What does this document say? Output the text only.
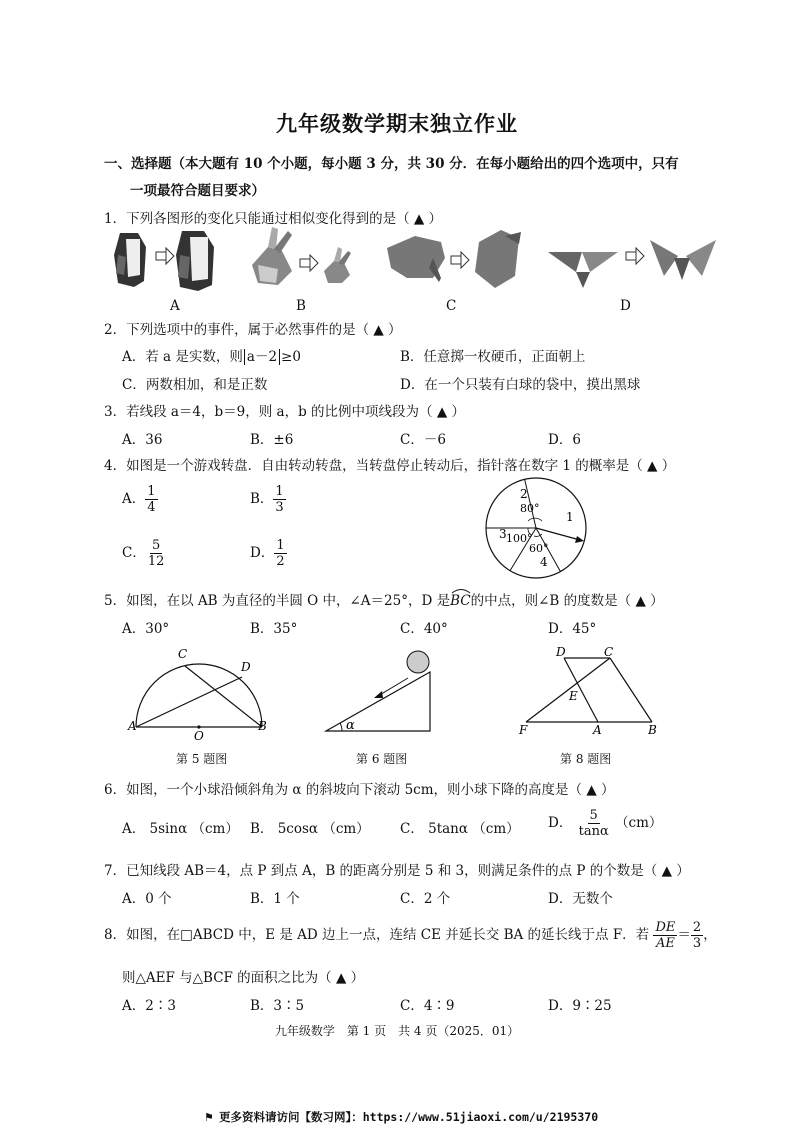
九年级数学期末独立作业
一、选择题（本大题有 10 个小题，每小题 3 分，共 30 分．在每小题给出的四个选项中，只有
一项最符合题目要求）
1．下列各图形的变化只能通过相似变化得到的是（ ▲ ）
A	B	C	D
2．下列选项中的事件，属于必然事件的是（ ▲ ）
A．若 a 是实数，则 a－2 ≥0	B．任意掷一枚硬币，正面朝上
C．两数相加，和是正数	D．在一个只装有白球的袋中，摸出黑球
3．若线段 a＝4，b＝9，则 a，b 的比例中项线段为（ ▲ ）
A．36	B．±6	C．－6	D．6
4．如图是一个游戏转盘．自由转动转盘，当转盘停止转动后，指针落在数字 1 的概率是（ ▲ ）
A． $\frac{1}{4}$	B． $\frac{1}{3}$
C． $\frac{5}{12}$	D． $\frac{1}{2}$
2
80°
1
3 100°
60°
4
5．如图，在以 AB 为直径的半圆 O 中，∠A＝25°，D 是
BC的中点，则∠B 的度数是（ ▲ ）
A．30°	B．35°	C．40°	D．45°
A	B
C
D
O
第 5 题图
α
第 6 题图
D	C
E
F	A	B
第 8 题图
6．如图，一个小球沿倾斜角为 α 的斜坡向下滚动 5cm，则小球下降的高度是（ ▲ ）
A． 5sinα （cm） B． 5cosα （cm） C． 5tanα （cm） D． $\frac{5}{\tan\alpha} (cm)$
7．已知线段 AB＝4，点 P 到点 A，B 的距离分别是 5 和 3，则满足条件的点 P 的个数是（ ▲ ）
A．0 个	B．1 个	C．2 个	D．无数个
8．如图，在□ABCD 中，E 是 AD 边上一点，连结 CE 并延长交 BA 的延长线于点 F．若 $\frac{DE}{AE} = \frac{2}{3}$ ，
则△AEF 与△BCF 的面积之比为（ ▲ ）
A．2∶3	B．3∶5	C．4∶9	D．9∶25
九年级数学　第 1 页　共 4 页（2025．01）
⚑ 更多资料请访问【数习网】：https://www.51jiaoxi.com/u/2195370
